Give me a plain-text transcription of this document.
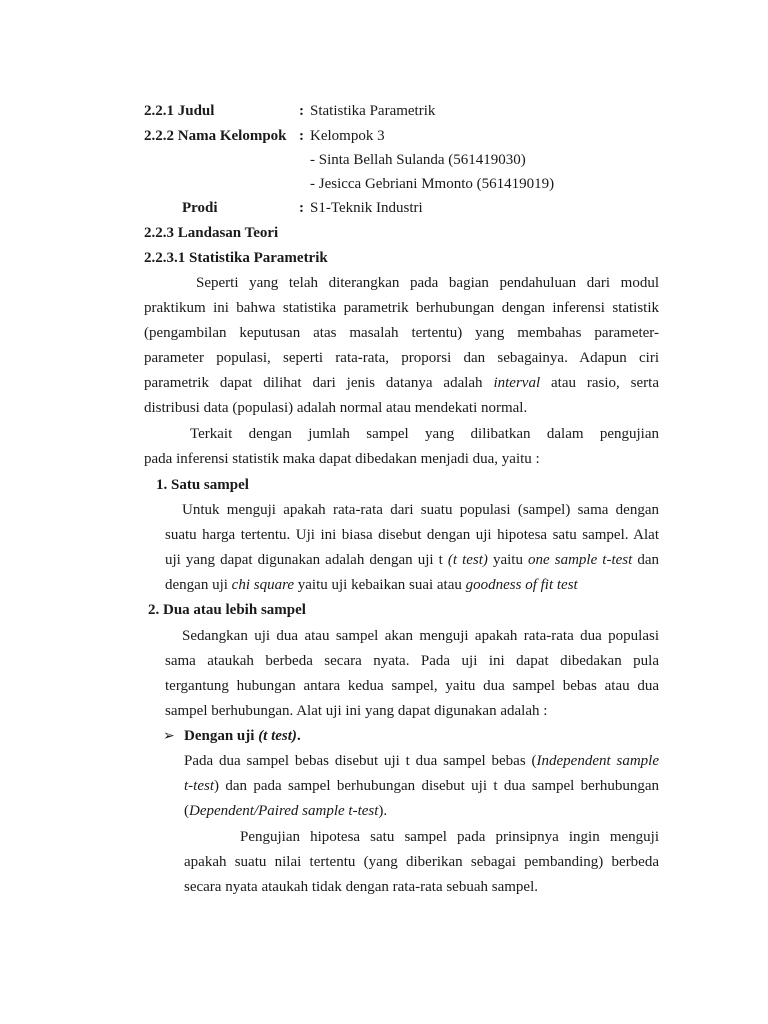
2.2.1 Judul	: Statistika Parametrik
2.2.2 Nama Kelompok : Kelompok 3
- Sinta Bellah Sulanda (561419030)
- Jesicca Gebriani Mmonto (561419019)
Prodi	: S1-Teknik Industri
2.2.3 Landasan Teori
2.2.3.1 Statistika Parametrik
Seperti yang telah diterangkan pada bagian pendahuluan dari modul
praktikum ini bahwa statistika parametrik berhubungan dengan inferensi statistik
(pengambilan keputusan atas masalah tertentu) yang membahas parameter-
parameter populasi, seperti rata-rata, proporsi dan sebagainya. Adapun ciri
parametrik dapat dilihat dari jenis datanya adalah interval atau rasio, serta
distribusi data (populasi) adalah normal atau mendekati normal.
Terkait dengan jumlah sampel yang dilibatkan dalam pengujian
pada inferensi statistik maka dapat dibedakan menjadi dua, yaitu :
1. Satu sampel
Untuk menguji apakah rata-rata dari suatu populasi (sampel) sama dengan
suatu harga tertentu. Uji ini biasa disebut dengan uji hipotesa satu sampel. Alat
uji yang dapat digunakan adalah dengan uji t (t test) yaitu one sample t-test dan
dengan uji chi square yaitu uji kebaikan suai atau goodness of fit test
2. Dua atau lebih sampel
Sedangkan uji dua atau sampel akan menguji apakah rata-rata dua populasi
sama ataukah berbeda secara nyata. Pada uji ini dapat dibedakan pula
tergantung hubungan antara kedua sampel, yaitu dua sampel bebas atau dua
sampel berhubungan. Alat uji ini yang dapat digunakan adalah :
➢ Dengan uji (t test).
Pada dua sampel bebas disebut uji t dua sampel bebas (Independent sample
t-test) dan pada sampel berhubungan disebut uji t dua sampel berhubungan
(Dependent/Paired sample t-test).
Pengujian hipotesa satu sampel pada prinsipnya ingin menguji
apakah suatu nilai tertentu (yang diberikan sebagai pembanding) berbeda
secara nyata ataukah tidak dengan rata-rata sebuah sampel.
